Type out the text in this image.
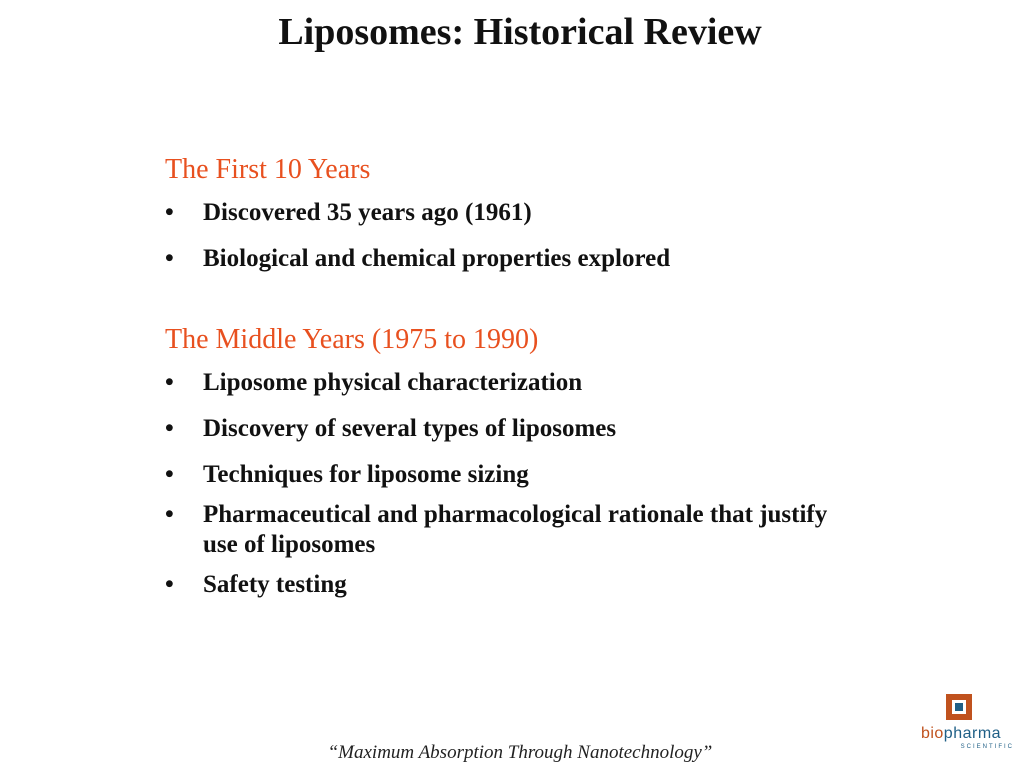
Liposomes: Historical Review
The First 10 Years
• Discovered 35 years ago (1961)
• Biological and chemical properties explored
The Middle Years (1975 to 1990)
• Liposome physical characterization
• Discovery of several types of liposomes
• Techniques for liposome sizing
• Pharmaceutical and pharmacological rationale that justify use of liposomes
• Safety testing
“Maximum Absorption Through Nanotechnology”
biopharma
SCIENTIFIC
